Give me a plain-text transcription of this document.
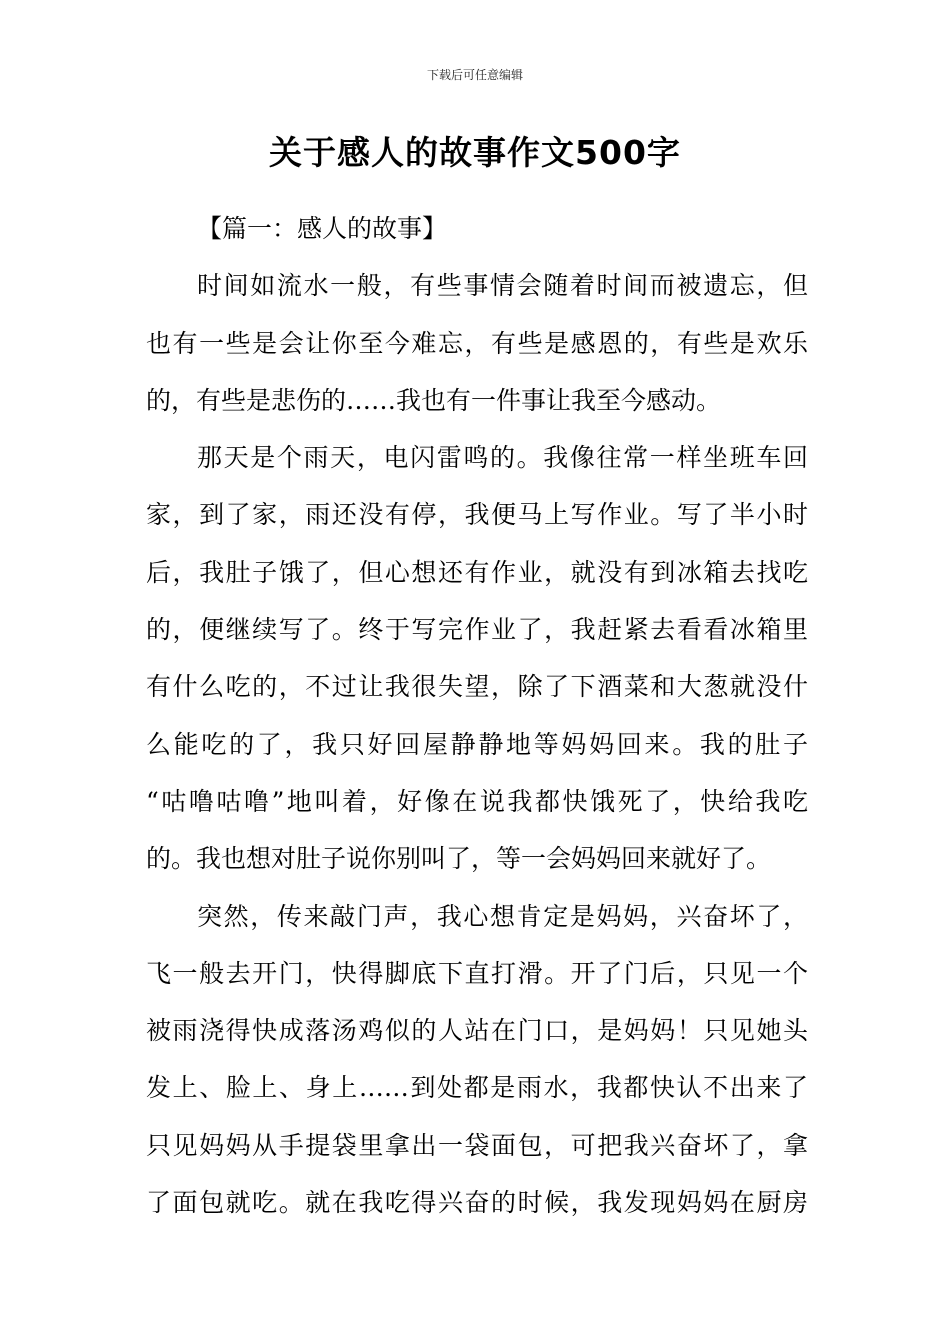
下载后可任意编辑
关于感人的故事作文500字
【篇一：感人的故事】

时间如流水一般，有些事情会随着时间而被遗忘，但
也有一些是会让你至今难忘，有些是感恩的，有些是欢乐
的，有些是悲伤的……我也有一件事让我至今感动。

那天是个雨天，电闪雷鸣的。我像往常一样坐班车回
家，到了家，雨还没有停，我便马上写作业。写了半小时
后，我肚子饿了，但心想还有作业，就没有到冰箱去找吃
的，便继续写了。终于写完作业了，我赶紧去看看冰箱里
有什么吃的，不过让我很失望，除了下酒菜和大葱就没什
么能吃的了，我只好回屋静静地等妈妈回来。我的肚子
“咕噜咕噜”地叫着，好像在说我都快饿死了，快给我吃
的。我也想对肚子说你别叫了，等一会妈妈回来就好了。

突然，传来敲门声，我心想肯定是妈妈，兴奋坏了，
飞一般去开门，快得脚底下直打滑。开了门后，只见一个
被雨浇得快成落汤鸡似的人站在门口，是妈妈！只见她头
发上、脸上、身上……到处都是雨水，我都快认不出来了
只见妈妈从手提袋里拿出一袋面包，可把我兴奋坏了，拿
了面包就吃。就在我吃得兴奋的时候，我发现妈妈在厨房
